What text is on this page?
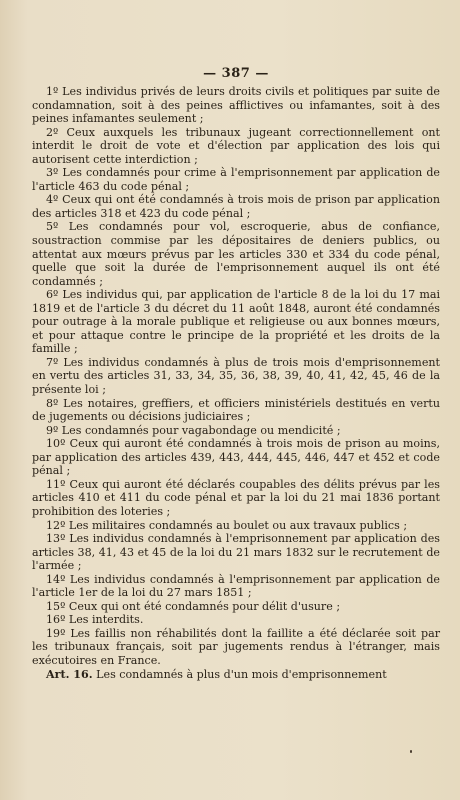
— 387 —

1º Les individus privés de leurs droits civils et politiques par suite de condamnation, soit à des peines afflictives ou infamantes, soit à des peines infamantes seulement ;

2º Ceux auxquels les tribunaux jugeant correctionnellement ont interdit le droit de vote et d'élection par application des lois qui autorisent cette interdiction ;

3º Les condamnés pour crime à l'emprisonnement par application de l'article 463 du code pénal ;

4º Ceux qui ont été condamnés à trois mois de prison par application des articles 318 et 423 du code pénal ;

5º Les condamnés pour vol, escroquerie, abus de confiance, soustraction commise par les dépositaires de deniers publics, ou attentat aux mœurs prévus par les articles 330 et 334 du code pénal, quelle que soit la durée de l'emprisonnement auquel ils ont été condamnés ;

6º Les individus qui, par application de l'article 8 de la loi du 17 mai 1819 et de l'article 3 du décret du 11 août 1848, auront été condamnés pour outrage à la morale publique et religieuse ou aux bonnes mœurs, et pour attaque contre le principe de la propriété et les droits de la famille ;

7º Les individus condamnés à plus de trois mois d'emprisonnement en vertu des articles 31, 33, 34, 35, 36, 38, 39, 40, 41, 42, 45, 46 de la présente loi ;

8º Les notaires, greffiers, et officiers ministériels destitués en vertu de jugements ou décisions judiciaires ;

9º Les condamnés pour vagabondage ou mendicité ;

10º Ceux qui auront été condamnés à trois mois de prison au moins, par application des articles 439, 443, 444, 445, 446, 447 et 452 et code pénal ;

11º Ceux qui auront été déclarés coupables des délits prévus par les articles 410 et 411 du code pénal et par la loi du 21 mai 1836 portant prohibition des loteries ;

12º Les militaires condamnés au boulet ou aux travaux publics ;

13º Les individus condamnés à l'emprisonnement par application des articles 38, 41, 43 et 45 de la loi du 21 mars 1832 sur le recrutement de l'armée ;

14º Les individus condamnés à l'emprisonnement par application de l'article 1er de la loi du 27 mars 1851 ;

15º Ceux qui ont été condamnés pour délit d'usure ;

16º Les interdits.

19º Les faillis non réhabilités dont la faillite a été déclarée soit par les tribunaux français, soit par jugements rendus à l'étranger, mais exécutoires en France.

Art. 16. Les condamnés à plus d'un mois d'emprisonnement
